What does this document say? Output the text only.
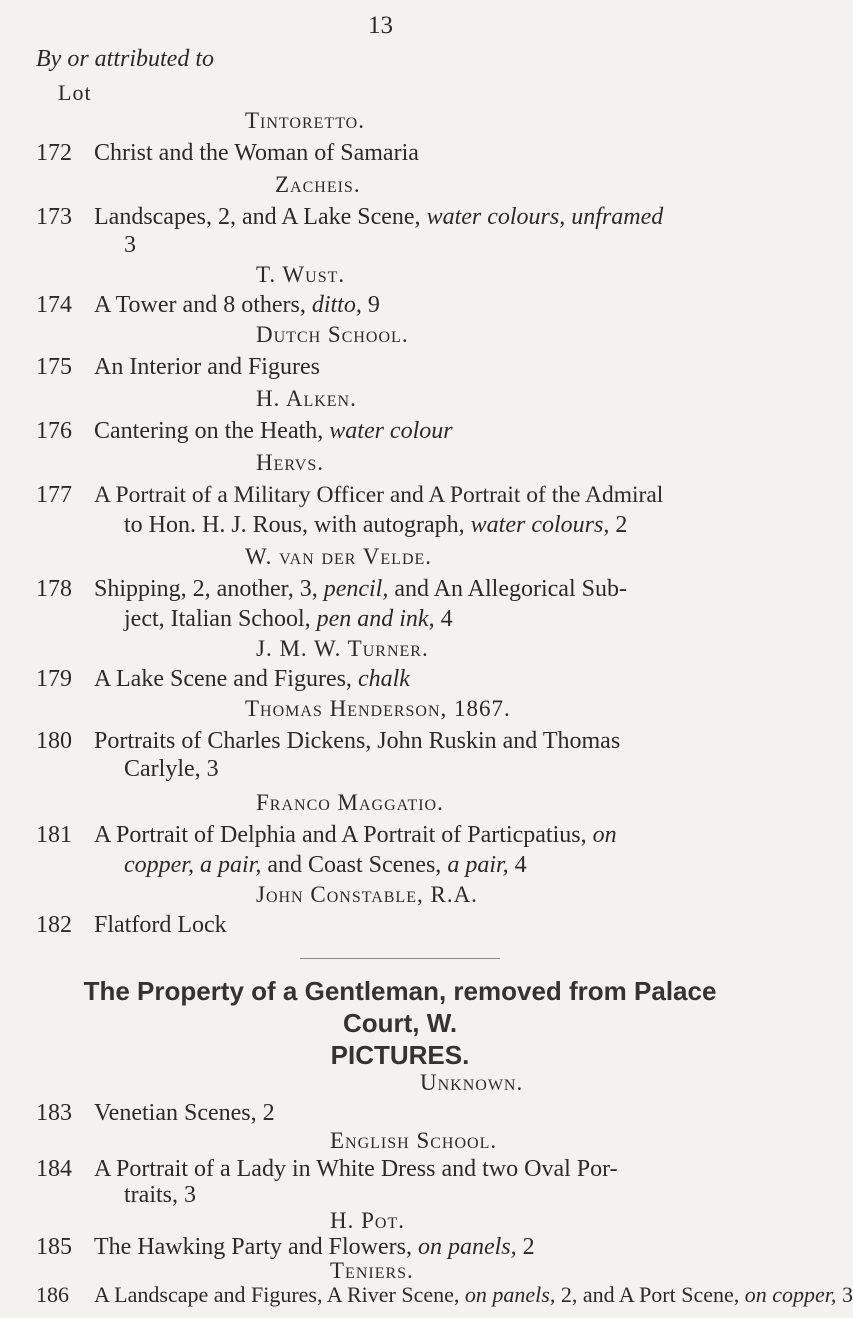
13
By or attributed to
Lot
Tintoretto.
172 Christ and the Woman of Samaria
Zacheis.
173 Landscapes, 2, and A Lake Scene, water colours, unframed
3
T. Wust.
174 A Tower and 8 others, ditto, 9
Dutch School.
175 An Interior and Figures
H. Alken.
176 Cantering on the Heath, water colour
Hervs.
177 A Portrait of a Military Officer and A Portrait of the Admiral
to Hon. H. J. Rous, with autograph, water colours, 2
W. van der Velde.
178 Shipping, 2, another, 3, pencil, and An Allegorical Sub-
ject, Italian School, pen and ink, 4
J. M. W. Turner.
179 A Lake Scene and Figures, chalk
Thomas Henderson, 1867.
180 Portraits of Charles Dickens, John Ruskin and Thomas
Carlyle, 3
Franco Maggatio.
181 A Portrait of Delphia and A Portrait of Particpatius, on
copper, a pair, and Coast Scenes, a pair, 4
John Constable, R.A.
182 Flatford Lock
The Property of a Gentleman, removed from Palace
Court, W.
PICTURES.
Unknown.
183 Venetian Scenes, 2
English School.
184 A Portrait of a Lady in White Dress and two Oval Por-
traits, 3
H. Pot.
185 The Hawking Party and Flowers, on panels, 2
Teniers.
186 A Landscape and Figures, A River Scene, on panels, 2, and A Port Scene, on copper, 3
